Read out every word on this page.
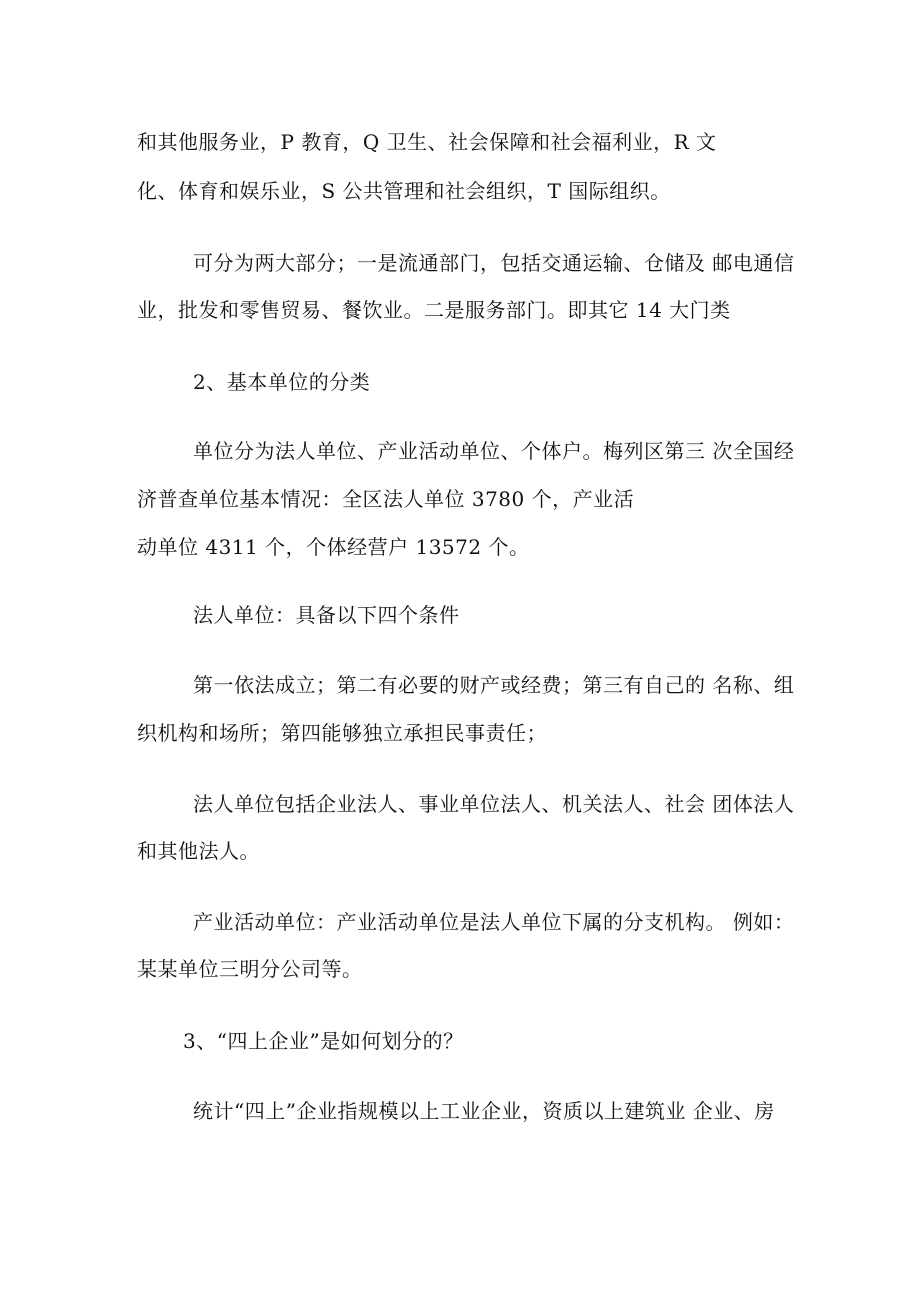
和其他服务业，P 教育，Q 卫生、社会保障和社会福利业，R 文
化、体育和娱乐业，S 公共管理和社会组织，T 国际组织。
可分为两大部分；一是流通部门，包括交通运输、仓储及 邮电通信
业，批发和零售贸易、餐饮业。二是服务部门。即其它 14 大门类
2、基本单位的分类
单位分为法人单位、产业活动单位、个体户。梅列区第三 次全国经
济普查单位基本情况：全区法人单位 3780 个，产业活
动单位 4311 个，个体经营户 13572 个。
法人单位：具备以下四个条件
第一依法成立；第二有必要的财产或经费；第三有自己的 名称、组
织机构和场所；第四能够独立承担民事责任；
法人单位包括企业法人、事业单位法人、机关法人、社会 团体法人
和其他法人。
产业活动单位：产业活动单位是法人单位下属的分支机构。 例如：
某某单位三明分公司等。
3、“四上企业”是如何划分的？
统计“四上”企业指规模以上工业企业，资质以上建筑业 企业、房
